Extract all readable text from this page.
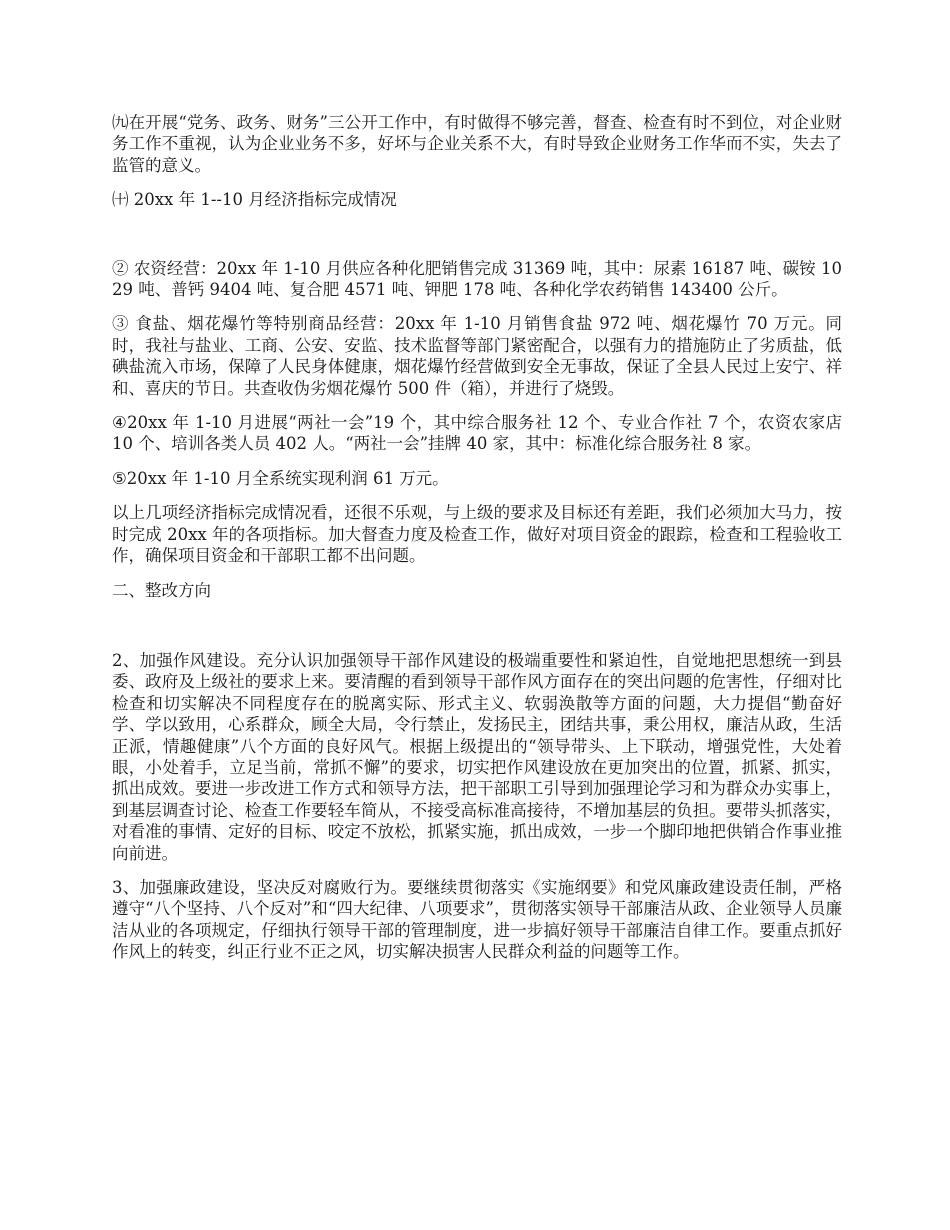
㈨在开展“党务、政务、财务”三公开工作中，有时做得不够完善，督查、检查有时不到位，对企业财务工作不重视，认为企业业务不多，好坏与企业关系不大，有时导致企业财务工作华而不实，失去了监管的意义。

㈩ 20xx 年 1--10 月经济指标完成情况

② 农资经营：20xx 年 1-10 月供应各种化肥销售完成 31369 吨，其中：尿素 16187 吨、碳铵 1029 吨、普钙 9404 吨、复合肥 4571 吨、钾肥 178 吨、各种化学农药销售 143400 公斤。

③ 食盐、烟花爆竹等特别商品经营：20xx 年 1-10 月销售食盐 972 吨、烟花爆竹 70 万元。同时，我社与盐业、工商、公安、安监、技术监督等部门紧密配合，以强有力的措施防止了劣质盐，低碘盐流入市场，保障了人民身体健康，烟花爆竹经营做到安全无事故，保证了全县人民过上安宁、祥和、喜庆的节日。共查收伪劣烟花爆竹 500 件（箱），并进行了烧毁。

④20xx 年 1-10 月进展“两社一会”19 个，其中综合服务社 12 个、专业合作社 7 个，农资农家店 10 个、培训各类人员 402 人。“两社一会”挂牌 40 家，其中：标准化综合服务社 8 家。

⑤20xx 年 1-10 月全系统实现利润 61 万元。

以上几项经济指标完成情况看，还很不乐观，与上级的要求及目标还有差距，我们必须加大马力，按时完成 20xx 年的各项指标。加大督查力度及检查工作，做好对项目资金的跟踪，检查和工程验收工作，确保项目资金和干部职工都不出问题。

二、整改方向

2、加强作风建设。充分认识加强领导干部作风建设的极端重要性和紧迫性，自觉地把思想统一到县委、政府及上级社的要求上来。要清醒的看到领导干部作风方面存在的突出问题的危害性，仔细对比检查和切实解决不同程度存在的脱离实际、形式主义、软弱涣散等方面的问题，大力提倡“勤奋好学、学以致用，心系群众，顾全大局，令行禁止，发扬民主，团结共事，秉公用权，廉洁从政，生活正派，情趣健康”八个方面的良好风气。根据上级提出的“领导带头、上下联动，增强党性，大处着眼，小处着手，立足当前，常抓不懈”的要求，切实把作风建设放在更加突出的位置，抓紧、抓实，抓出成效。要进一步改进工作方式和领导方法，把干部职工引导到加强理论学习和为群众办实事上，到基层调查讨论、检查工作要轻车简从，不接受高标准高接待，不增加基层的负担。要带头抓落实，对看准的事情、定好的目标、咬定不放松，抓紧实施，抓出成效，一步一个脚印地把供销合作事业推向前进。

3、加强廉政建设，坚决反对腐败行为。要继续贯彻落实《实施纲要》和党风廉政建设责任制，严格遵守“八个坚持、八个反对”和“四大纪律、八项要求”，贯彻落实领导干部廉洁从政、企业领导人员廉洁从业的各项规定，仔细执行领导干部的管理制度，进一步搞好领导干部廉洁自律工作。要重点抓好作风上的转变，纠正行业不正之风，切实解决损害人民群众利益的问题等工作。
